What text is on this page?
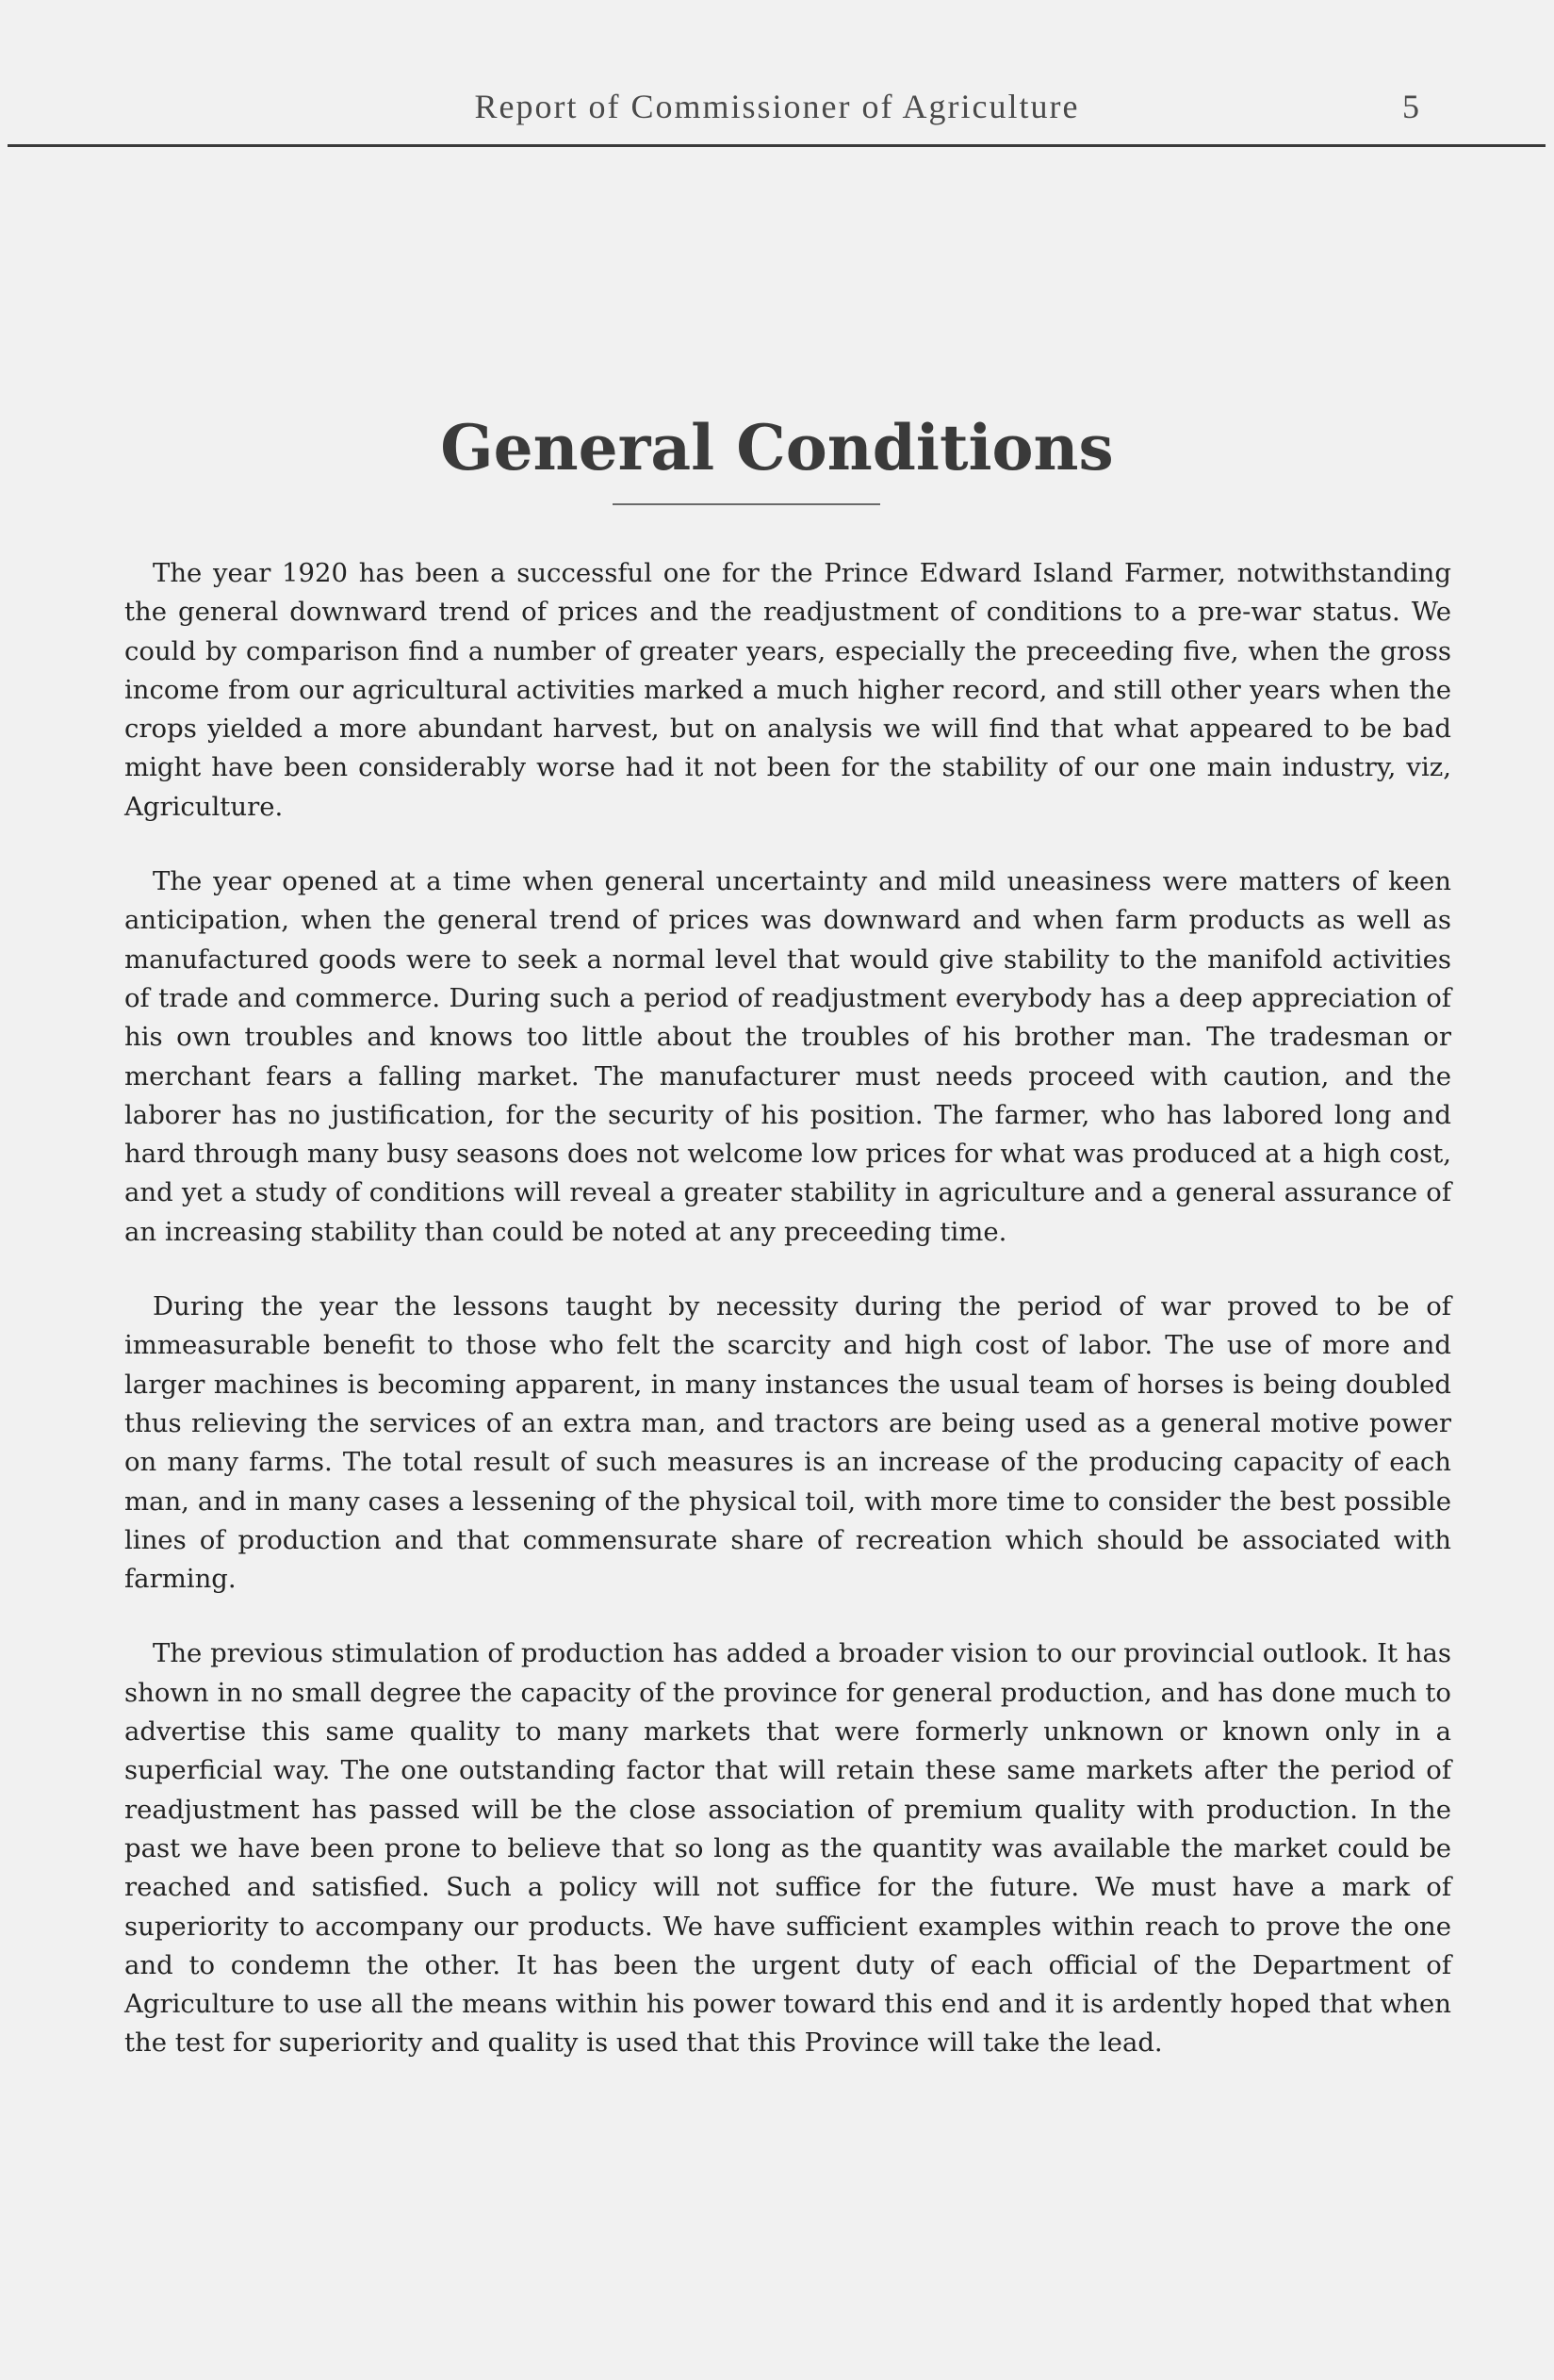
Report of Commissioner of Agriculture	5
General Conditions

The year 1920 has been a successful one for the Prince Edward Island Farmer, notwithstanding the general downward trend of prices and the readjustment of conditions to a pre-war status. We could by comparison find a number of greater years, especially the preceeding five, when the gross income from our agricultural activities marked a much higher record, and still other years when the crops yielded a more abundant harvest, but on analysis we will find that what appeared to be bad might have been considerably worse had it not been for the stability of our one main industry, viz, Agriculture.

The year opened at a time when general uncertainty and mild uneasiness were matters of keen anticipation, when the general trend of prices was downward and when farm products as well as manufactured goods were to seek a normal level that would give stability to the manifold activities of trade and commerce. During such a period of readjustment everybody has a deep appreciation of his own troubles and knows too little about the troubles of his brother man. The tradesman or merchant fears a falling market. The manufacturer must needs proceed with caution, and the laborer has no justification, for the security of his position. The farmer, who has labored long and hard through many busy seasons does not welcome low prices for what was produced at a high cost, and yet a study of conditions will reveal a greater stability in agriculture and a general assurance of an increasing stability than could be noted at any preceeding time.

During the year the lessons taught by necessity during the period of war proved to be of immeasurable benefit to those who felt the scarcity and high cost of labor. The use of more and larger machines is becoming apparent, in many instances the usual team of horses is being doubled thus relieving the services of an extra man, and tractors are being used as a general motive power on many farms. The total result of such measures is an increase of the producing capacity of each man, and in many cases a lessening of the physical toil, with more time to consider the best possible lines of production and that commensurate share of recreation which should be associated with farming.

The previous stimulation of production has added a broader vision to our provincial outlook. It has shown in no small degree the capacity of the province for general production, and has done much to advertise this same quality to many markets that were formerly unknown or known only in a superficial way. The one outstanding factor that will retain these same markets after the period of readjustment has passed will be the close association of premium quality with production. In the past we have been prone to believe that so long as the quantity was available the market could be reached and satisfied. Such a policy will not suffice for the future. We must have a mark of superiority to accompany our products. We have sufficient examples within reach to prove the one and to condemn the other. It has been the urgent duty of each official of the Department of Agriculture to use all the means within his power toward this end and it is ardently hoped that when the test for superiority and quality is used that this Province will take the lead.
